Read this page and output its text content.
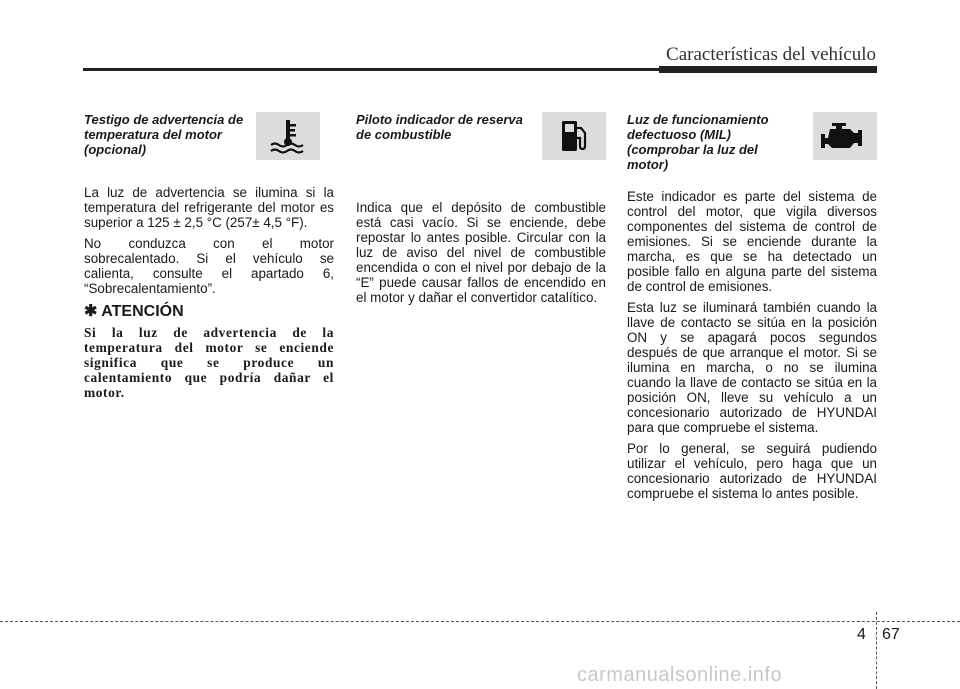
Características del vehículo
Testigo de advertencia de temperatura del motor (opcional)

La luz de advertencia se ilumina si la temperatura del refrigerante del motor es superior a 125 ± 2,5 °C (257± 4,5 °F).

No conduzca con el motor sobrecalentado. Si el vehículo se calienta, consulte el apartado 6, “Sobrecalentamiento”.

✱ ATENCIÓN

Si la luz de advertencia de la temperatura del motor se enciende significa que se produce un calentamiento que podría dañar el motor.

Piloto indicador de reserva de combustible

Indica que el depósito de combustible está casi vacío. Si se enciende, debe repostar lo antes posible. Circular con la luz de aviso del nivel de combustible encendida o con el nivel por debajo de la “E” puede causar fallos de encendido en el motor y dañar el convertidor catalítico.

Luz de funcionamiento defectuoso (MIL) (comprobar la luz del motor)

Este indicador es parte del sistema de control del motor, que vigila diversos componentes del sistema de control de emisiones. Si se enciende durante la marcha, es que se ha detectado un posible fallo en alguna parte del sistema de control de emisiones.

Esta luz se iluminará también cuando la llave de contacto se sitúa en la posición ON y se apagará pocos segundos después de que arranque el motor. Si se ilumina en marcha, o no se ilumina cuando la llave de contacto se sitúa en la posición ON, lleve su vehículo a un concesionario autorizado de HYUNDAI para que compruebe el sistema.

Por lo general, se seguirá pudiendo utilizar el vehículo, pero haga que un concesionario autorizado de HYUNDAI compruebe el sistema lo antes posible.

4 67
carmanualsonline.info
